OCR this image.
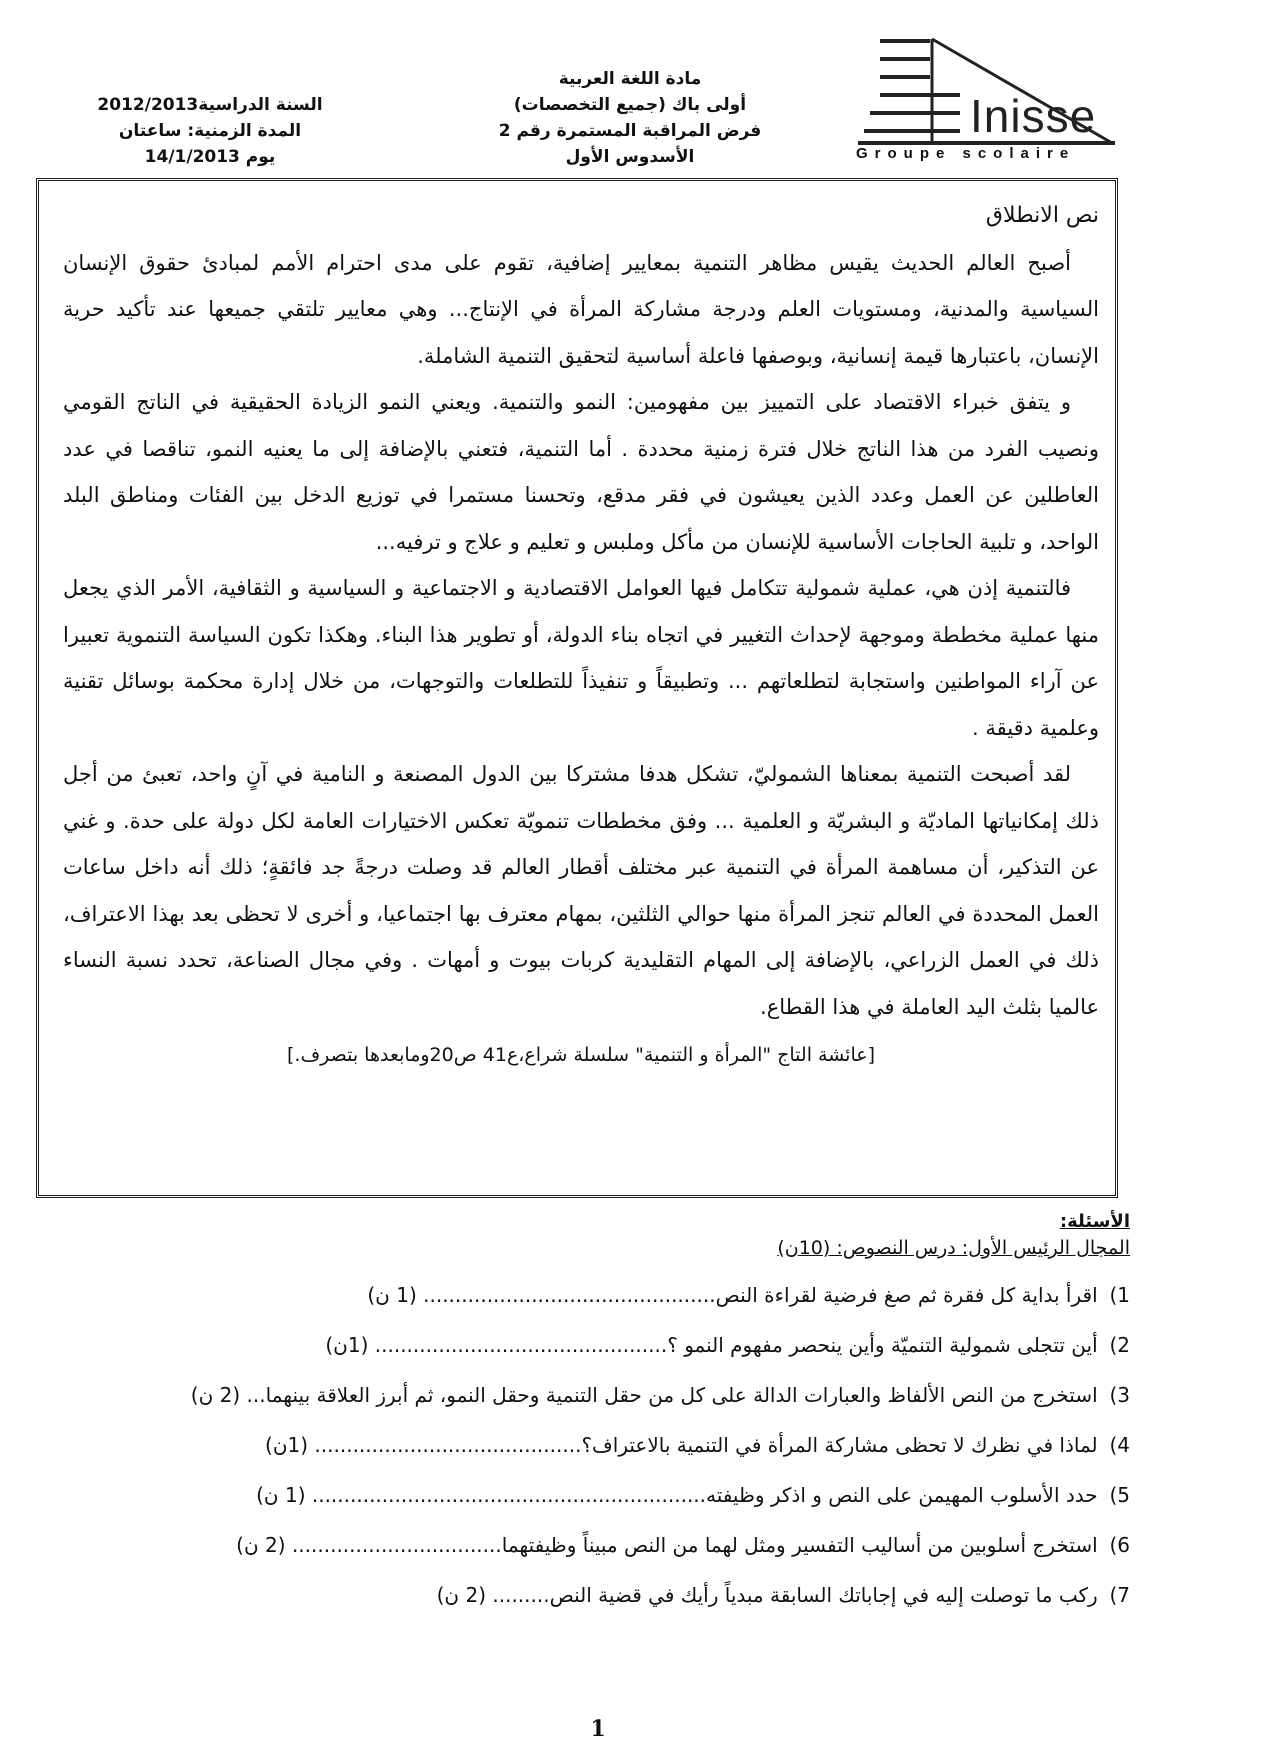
السنة الدراسية2012/2013
المدة الزمنية: ساعتان
يوم 14/1/2013
مادة اللغة العربية
أولى باك (جميع التخصصات)
فرض المراقبة المستمرة رقم 2
الأسدوس الأول
Inisse
Groupe scolaire

نص الانطلاق

أصبح العالم الحديث يقيس مظاهر التنمية بمعايير إضافية، تقوم على مدى احترام الأمم لمبادئ حقوق الإنسان السياسية والمدنية، ومستويات العلم ودرجة مشاركة المرأة في الإنتاج... وهي معايير تلتقي جميعها عند تأكيد حرية الإنسان، باعتبارها قيمة إنسانية، وبوصفها فاعلة أساسية لتحقيق التنمية الشاملة.

و يتفق خبراء الاقتصاد على التمييز بين مفهومين: النمو والتنمية. ويعني النمو الزيادة الحقيقية في الناتج القومي ونصيب الفرد من هذا الناتج خلال فترة زمنية محددة . أما التنمية، فتعني بالإضافة إلى ما يعنيه النمو، تناقصا في عدد العاطلين عن العمل وعدد الذين يعيشون في فقر مدقع، وتحسنا مستمرا في توزيع الدخل بين الفئات ومناطق البلد الواحد، و تلبية الحاجات الأساسية للإنسان من مأكل وملبس و تعليم و علاج و ترفيه...

فالتنمية إذن هي، عملية شمولية تتكامل فيها العوامل الاقتصادية و الاجتماعية و السياسية و الثقافية، الأمر الذي يجعل منها عملية مخططة وموجهة لإحداث التغيير في اتجاه بناء الدولة، أو تطوير هذا البناء. وهكذا تكون السياسة التنموية تعبيرا عن آراء المواطنين واستجابة لتطلعاتهم ... وتطبيقاً و تنفيذاً للتطلعات والتوجهات، من خلال إدارة محكمة بوسائل تقنية وعلمية دقيقة .

لقد أصبحت التنمية بمعناها الشموليّ، تشكل هدفا مشتركا بين الدول المصنعة و النامية في آنٍ واحد، تعبئ من أجل ذلك إمكانياتها الماديّة و البشريّة و العلمية ... وفق مخططات تنمويّة تعكس الاختيارات العامة لكل دولة على حدة. و غني عن التذكير، أن مساهمة المرأة في التنمية عبر مختلف أقطار العالم قد وصلت درجةً جد فائقةٍ؛ ذلك أنه داخل ساعات العمل المحددة في العالم تنجز المرأة منها حوالي الثلثين، بمهام معترف بها اجتماعيا، و أخرى لا تحظى بعد بهذا الاعتراف، ذلك في العمل الزراعي، بالإضافة إلى المهام التقليدية كربات بيوت و أمهات . وفي مجال الصناعة، تحدد نسبة النساء عالميا بثلث اليد العاملة في هذا القطاع.

[عائشة التاج "المرأة و التنمية" سلسلة شراع،ع41 ص20ومابعدها بتصرف.]

الأسئلة:
المجال الرئيس الأول: درس النصوص: (10ن)
1) اقرأ بداية كل فقرة ثم صغ فرضية لقراءة النص.............................................. (1 ن)
2) أين تتجلى شمولية التنميّة وأين ينحصر مفهوم النمو ؟.............................................. (1ن)
3) استخرج من النص الألفاظ والعبارات الدالة على كل من حقل التنمية وحقل النمو، ثم أبرز العلاقة بينهما... (2 ن)
4) لماذا في نظرك لا تحظى مشاركة المرأة في التنمية بالاعتراف؟.......................................... (1ن)
5) حدد الأسلوب المهيمن على النص و اذكر وظيفته.............................................................. (1 ن)
6) استخرج أسلوبين من أساليب التفسير ومثل لهما من النص مبيناً وظيفتهما................................. (2 ن)
7) ركب ما توصلت إليه في إجاباتك السابقة مبدياً رأيك في قضية النص......... (2 ن)
1
